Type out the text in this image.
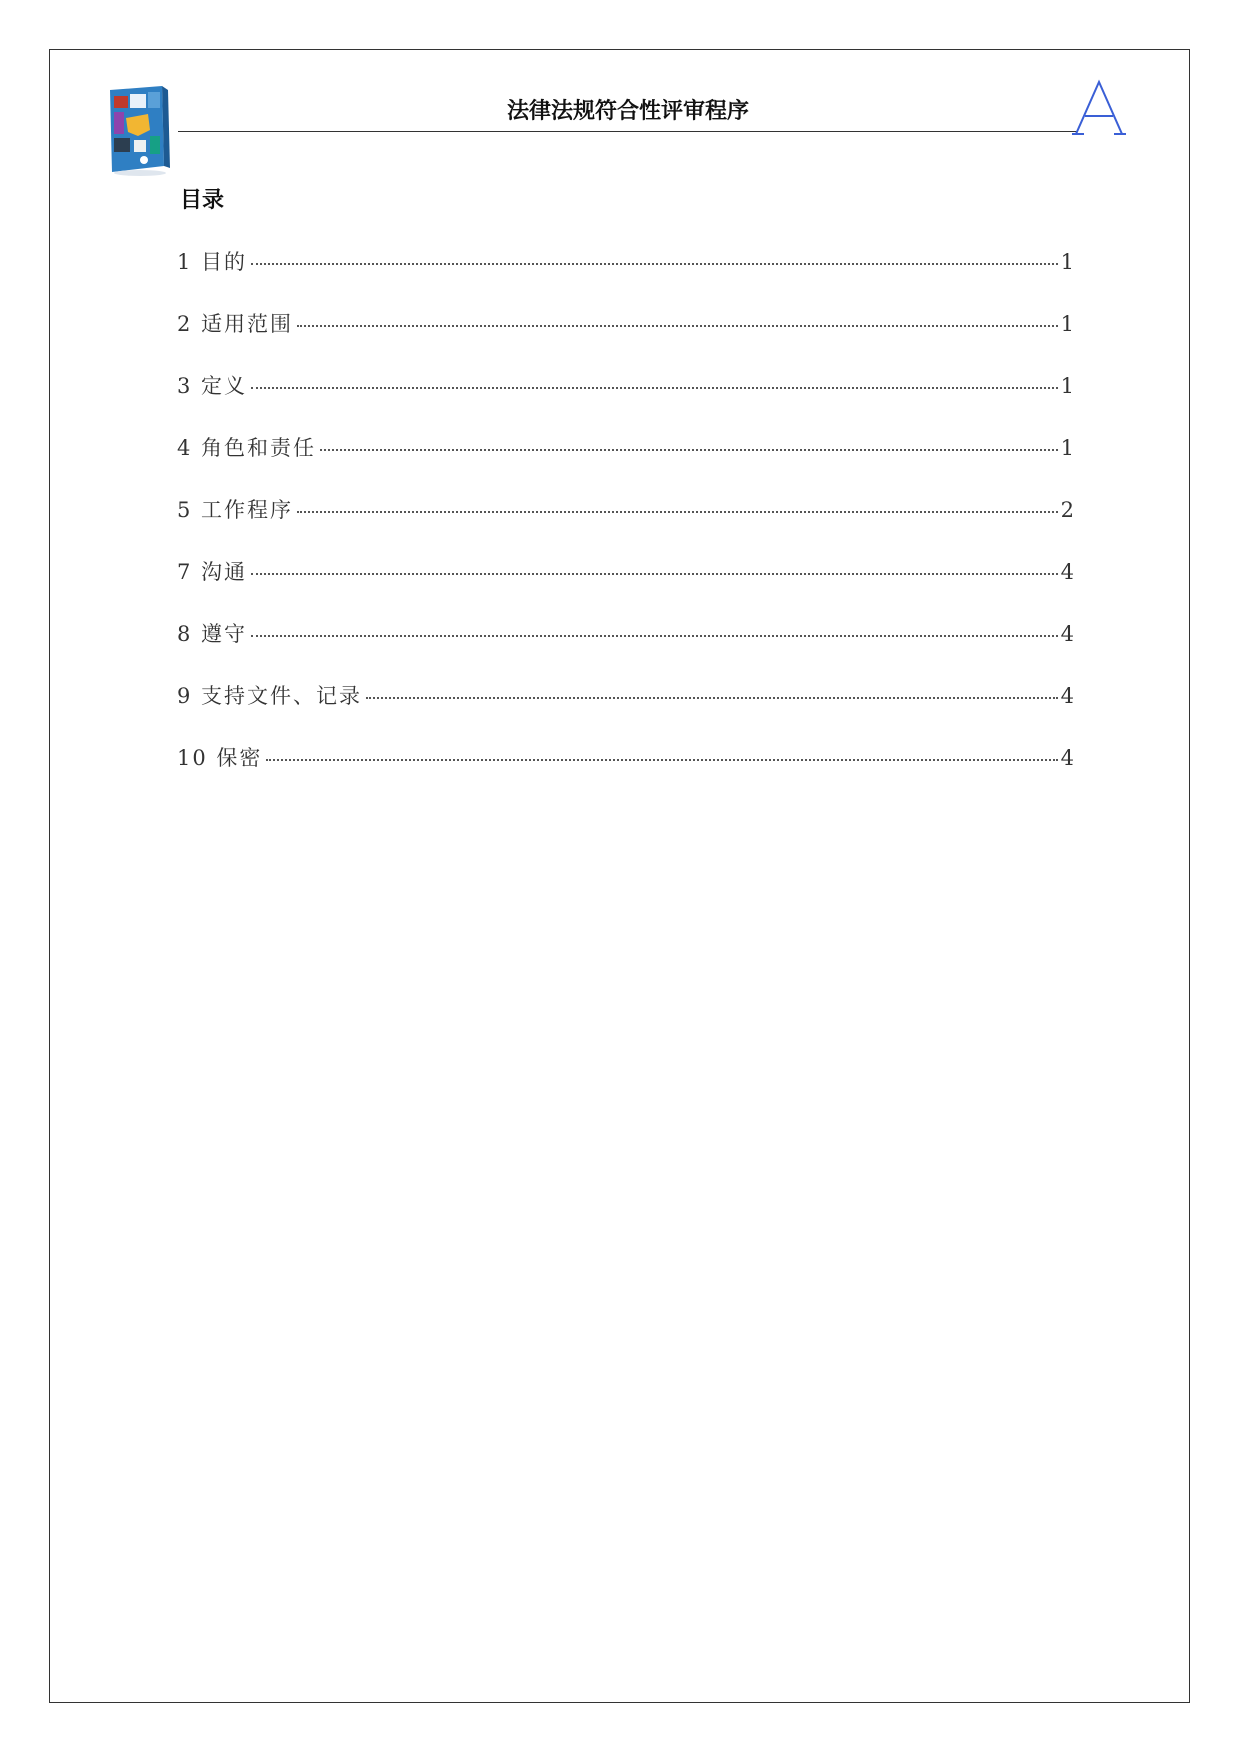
法律法规符合性评审程序
目录
1 目的	1
2 适用范围	1
3 定义	1
4 角色和责任	1
5 工作程序	2
7 沟通	4
8 遵守	4
9 支持文件、记录	4
10 保密	4
